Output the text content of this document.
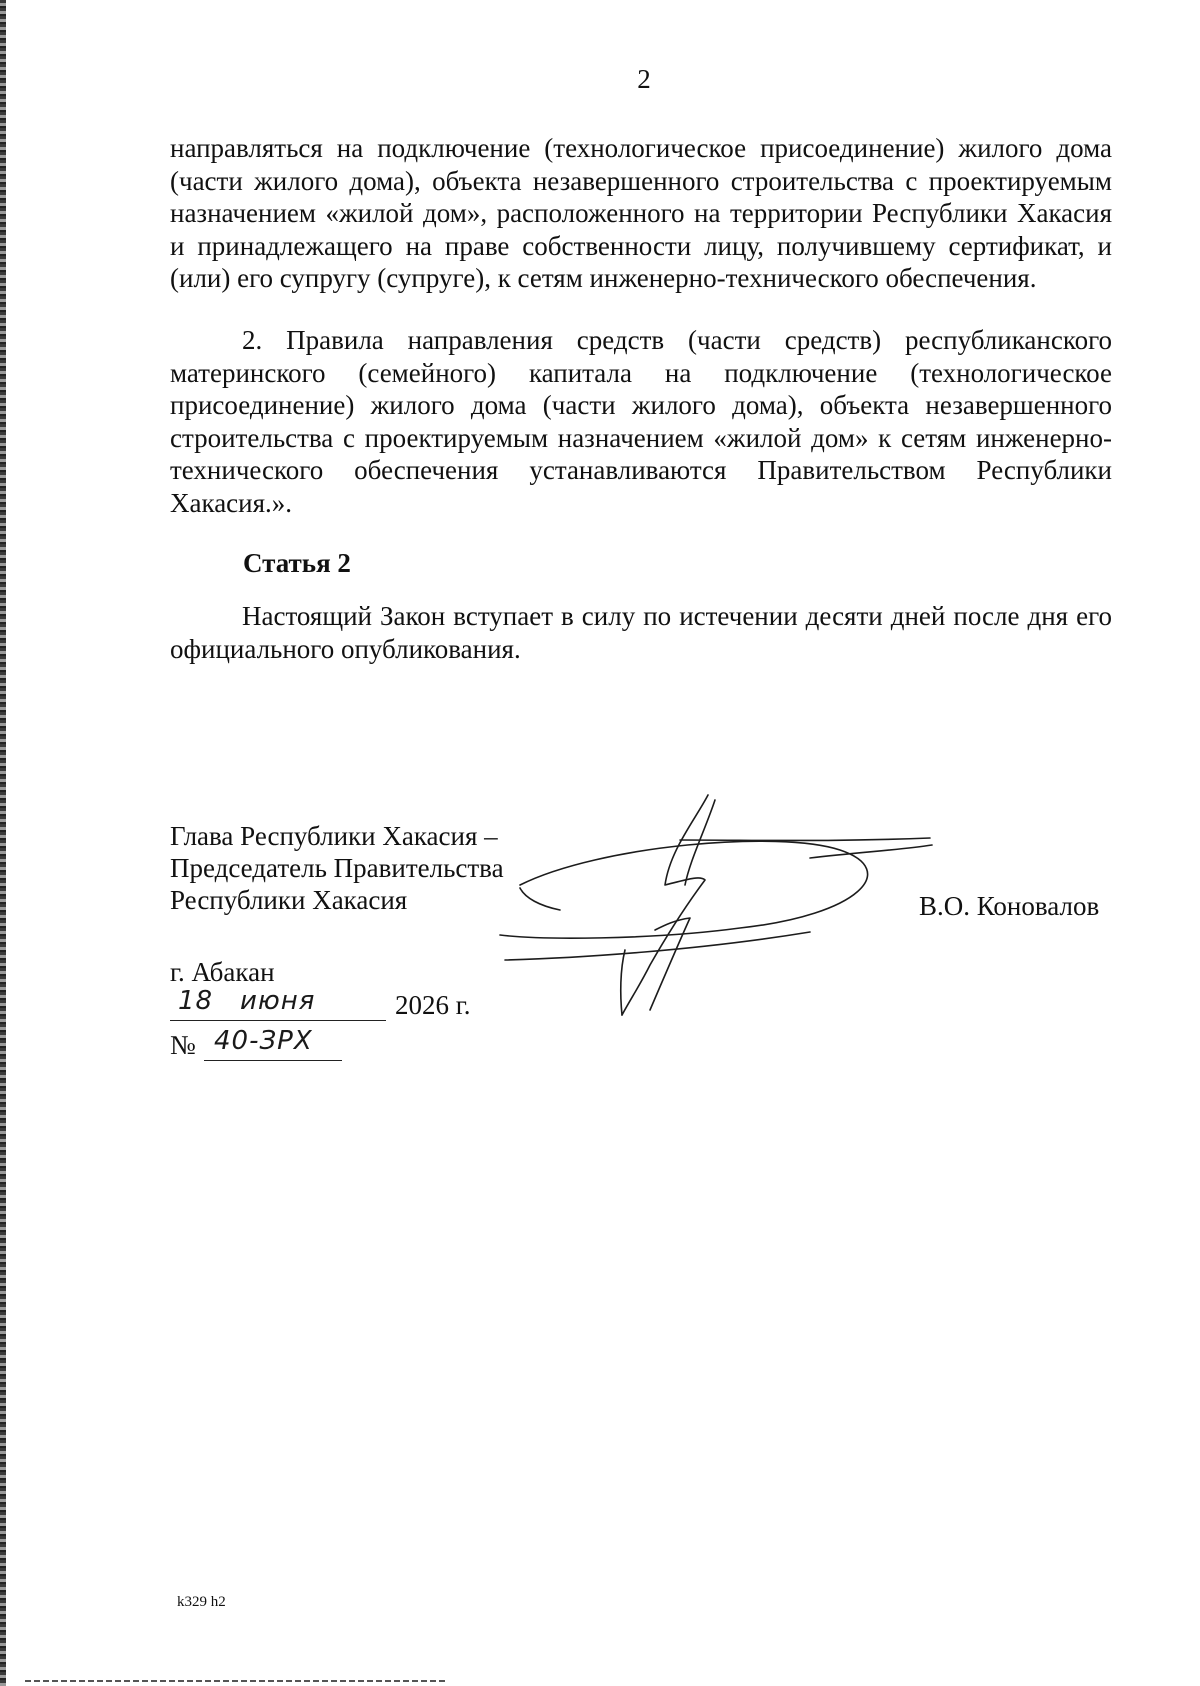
2

направляться на подключение (технологическое присоединение) жилого дома (части жилого дома), объекта незавершенного строительства с проектируемым назначением «жилой дом», расположенного на территории Республики Хакасия и принадлежащего на праве собственности лицу, получившему сертификат, и (или) его супругу (супруге), к сетям инженерно-технического обеспечения.

2. Правила направления средств (части средств) республиканского материнского (семейного) капитала на подключение (технологическое присоединение) жилого дома (части жилого дома), объекта незавершенного строительства с проектируемым назначением «жилой дом» к сетям инженерно-технического обеспечения устанавливаются Правительством Республики Хакасия.».

Статья 2

Настоящий Закон вступает в силу по истечении десяти дней после дня его официального опубликования.

Глава Республики Хакасия –
Председатель Правительства
Республики Хакасия	В.О. Коновалов
г. Абакан
18 июня	2026 г.
№ 40-ЗРХ
k329 h2
